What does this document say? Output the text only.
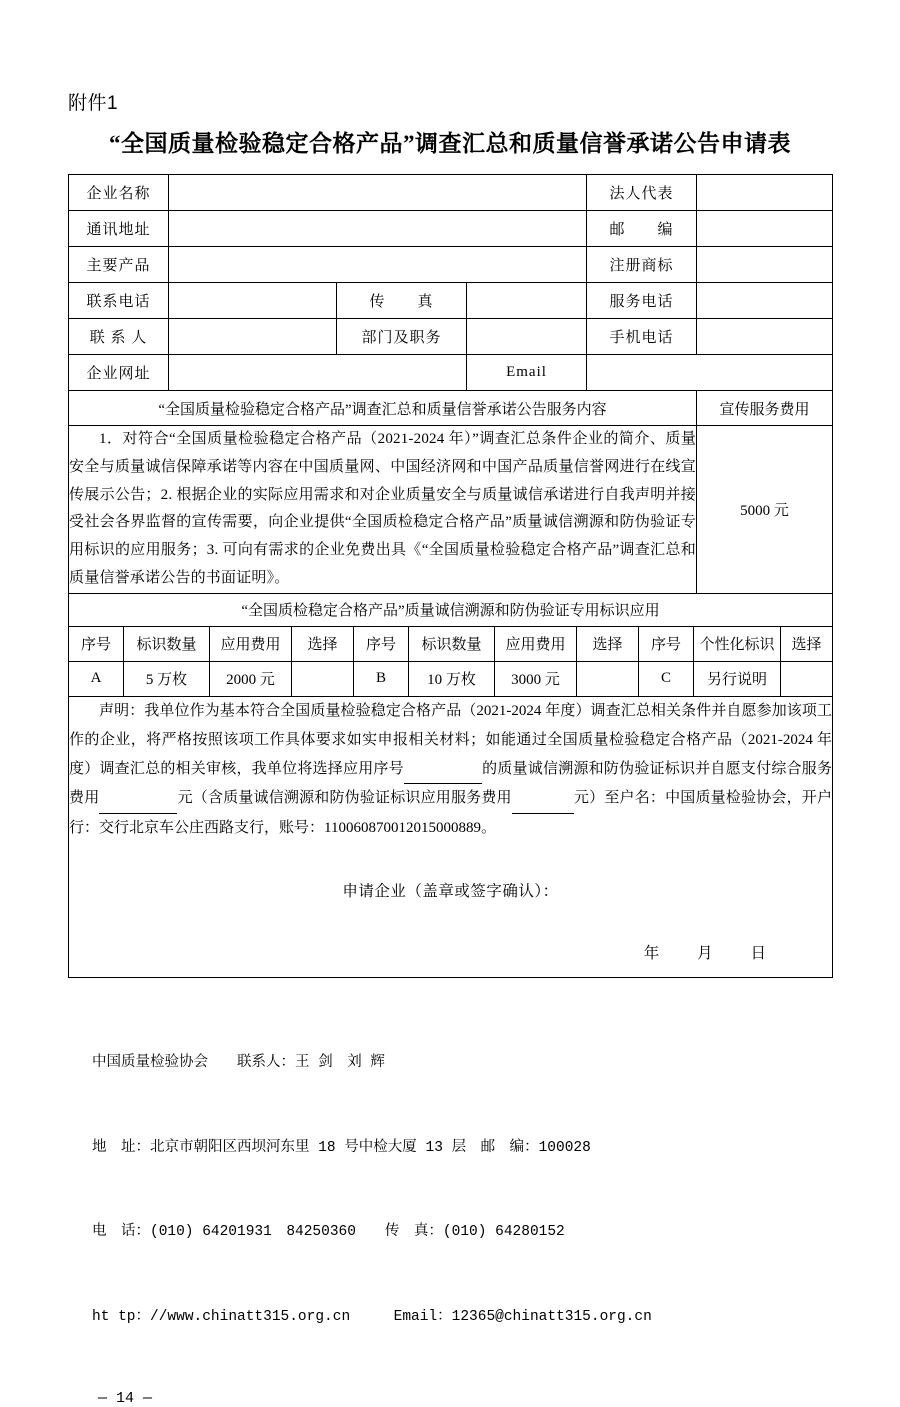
附件1
“全国质量检验稳定合格产品”调查汇总和质量信誉承诺公告申请表
企业名称				法人代表	
通讯地址				邮　　编	
主要产品				注册商标	
联系电话		传　　真		服务电话	
联 系 人		部门及职务		手机电话	
企业网址			Email		
“全国质量检验稳定合格产品”调查汇总和质量信誉承诺公告服务内容					宣传服务费用

1．对符合“全国质量检验稳定合格产品（2021-2024 年）”调查汇总条件企业的简介、质量安全与质量诚信保障承诺等内容在中国质量网、中国经济网和中国产品质量信誉网进行在线宣传展示公告；2. 根据企业的实际应用需求和对企业质量安全与质量诚信承诺进行自我声明并接受社会各界监督的宣传需要，向企业提供“全国质检稳定合格产品”质量诚信溯源和防伪验证专用标识的应用服务；3. 可向有需求的企业免费出具《“全国质量检验稳定合格产品”调查汇总和质量信誉承诺公告的书面证明》。					5000 元
“全国质检稳定合格产品”质量诚信溯源和防伪验证专用标识应用					
序号	标识数量	应用费用	选择	序号	标识数量	应用费用	选择	序号	个性化标识	选择
A	5 万枚	2000 元		B	10 万枚	3000 元		C	另行说明	

声明：我单位作为基本符合全国质量检验稳定合格产品（2021-2024 年度）调查汇总相关条件并自愿参加该项工作的企业，将严格按照该项工作具体要求如实申报相关材料；如能通过全国质量检验稳定合格产品（2021-2024 年度）调查汇总的相关审核，我单位将选择应用序号 的质量诚信溯源和防伪验证标识并自愿支付综合服务费用 元（含质量诚信溯源和防伪验证标识应用服务费用 元）至户名：中国质量检验协会，开户行：交行北京车公庄西路支行，账号：110060870012015000889。
申请企业（盖章或签字确认）：
年 月 日										

中国质量检验协会　　联系人：王 剑　刘 辉

地　址：北京市朝阳区西坝河东里 18 号中检大厦 13 层　邮　编：100028

电　话：(010) 64201931　84250360　　传　真：(010) 64280152

ht tp：//www.chinatt315.org.cn　　　Email：12365@chinatt315.org.cn

— 14 —
